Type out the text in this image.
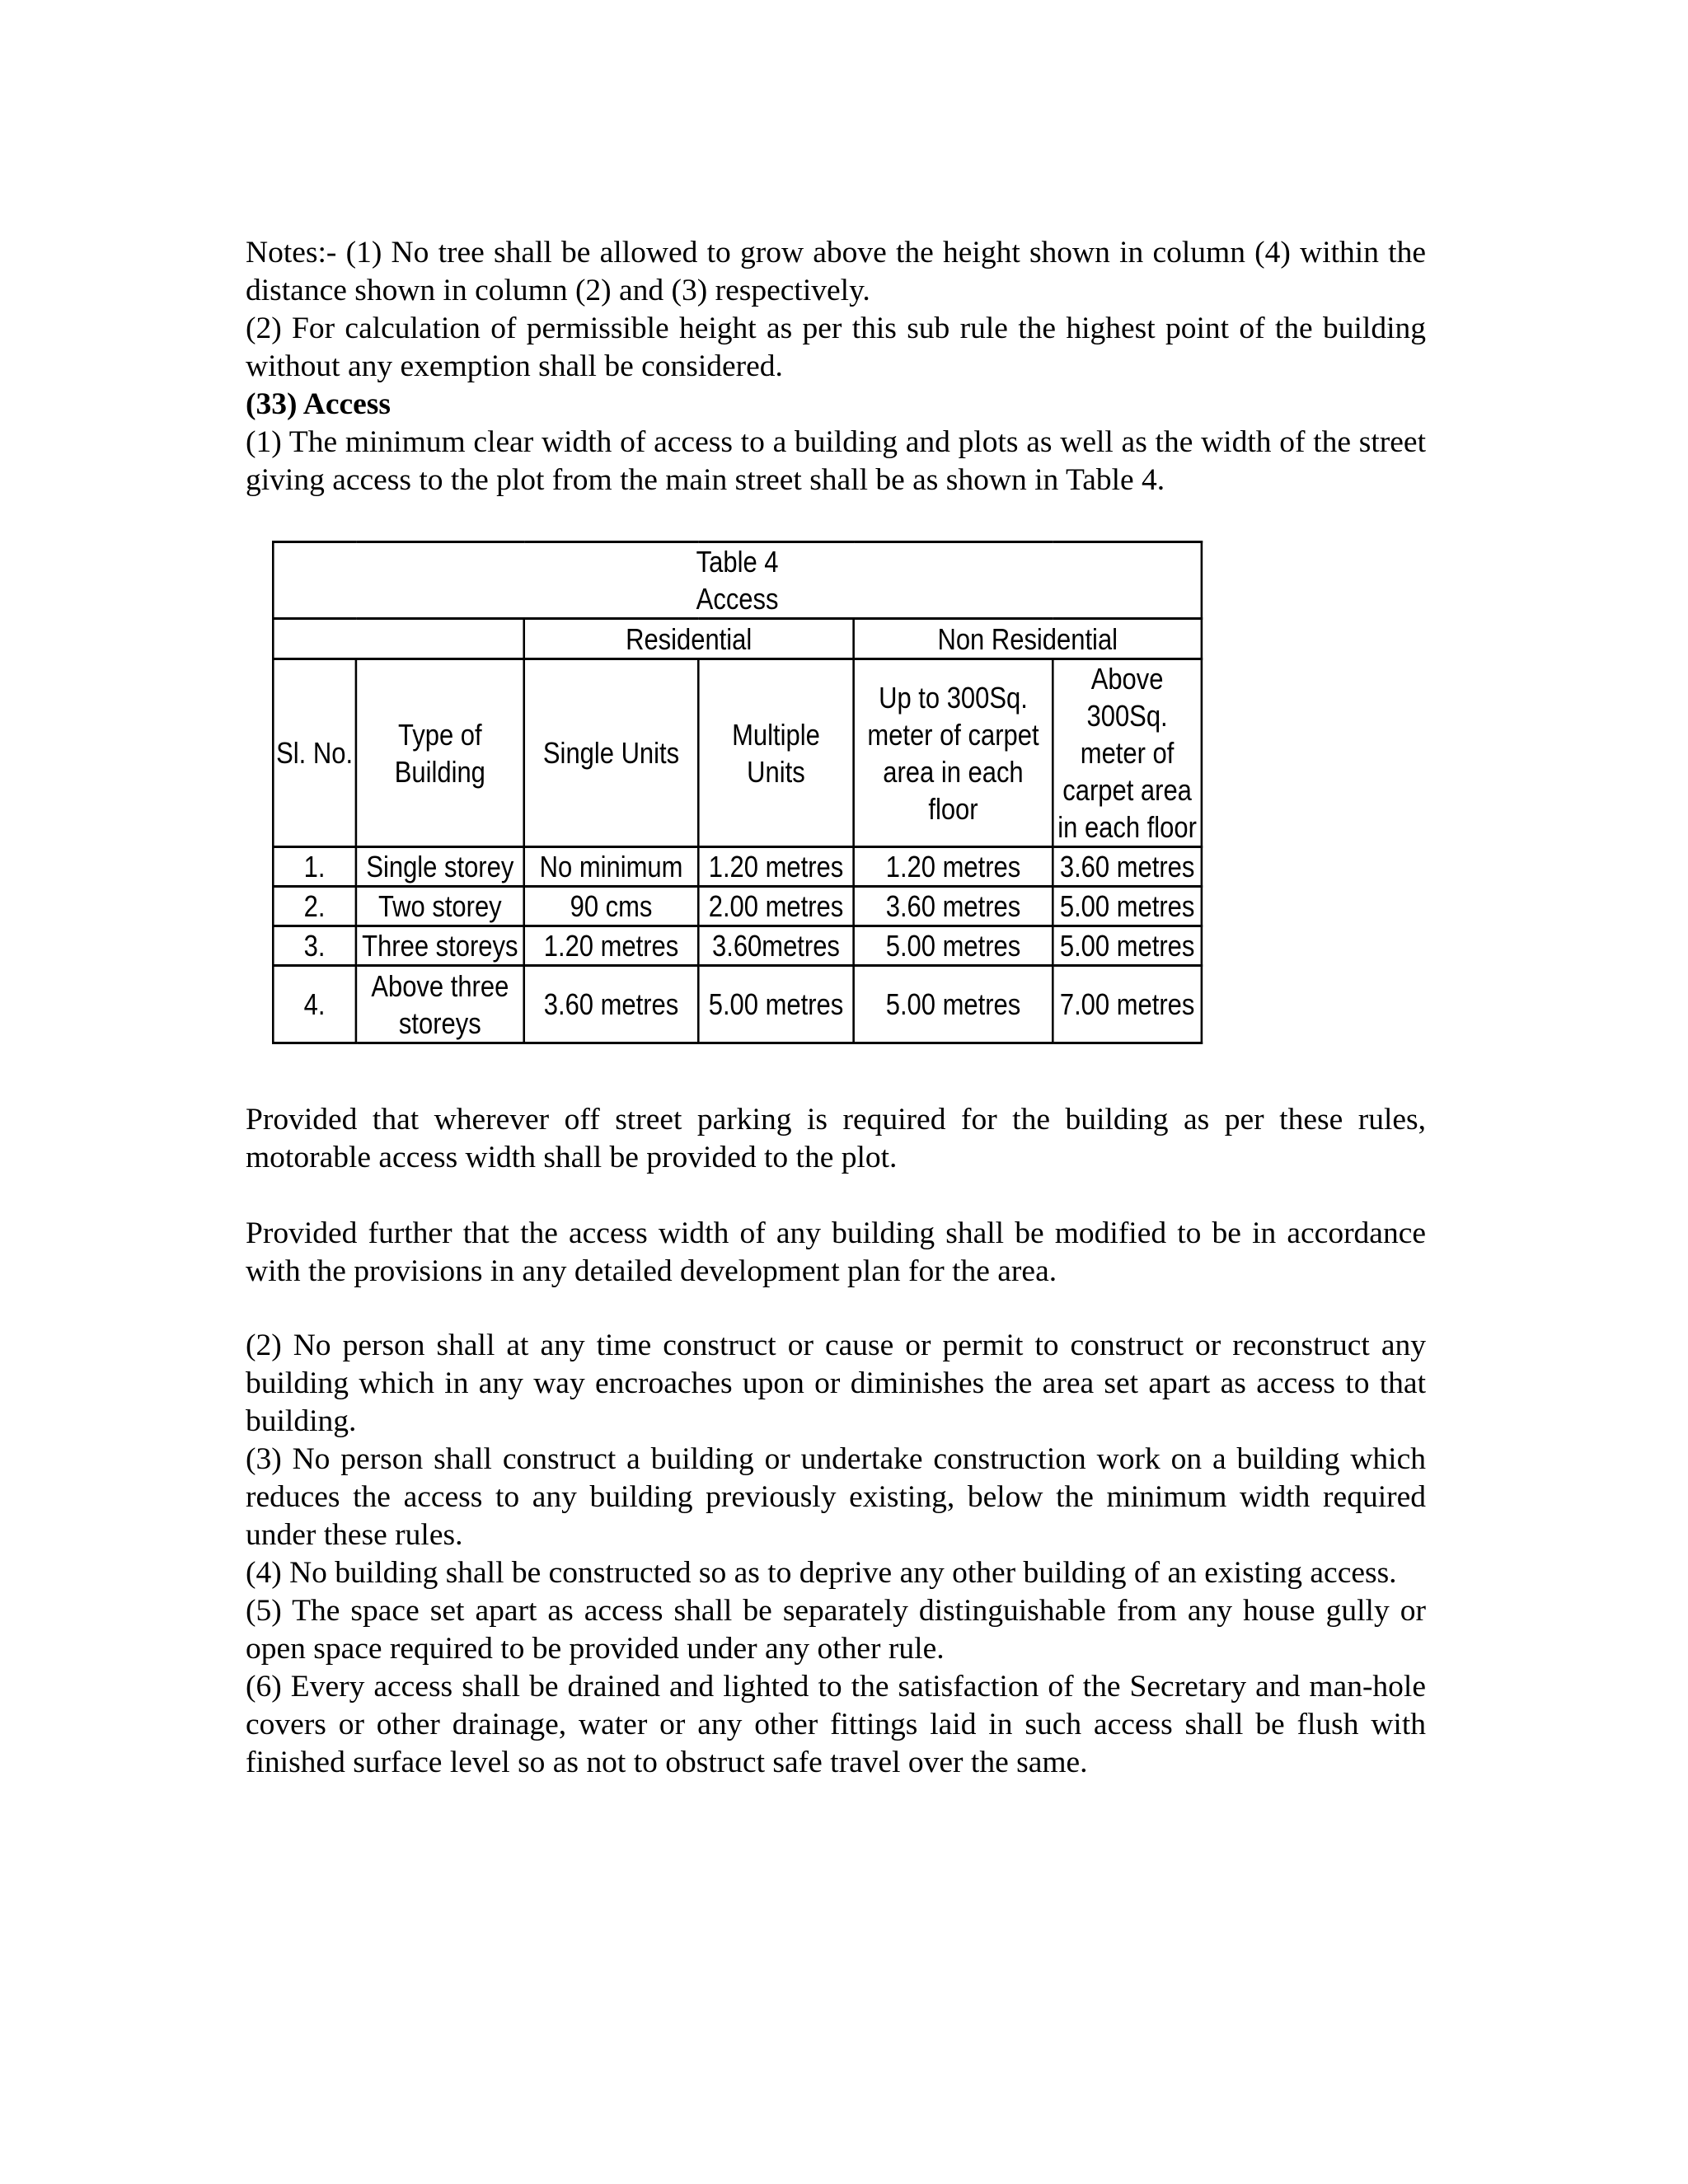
Notes:- (1) No tree shall be allowed to grow above the height shown in column (4) within the distance shown in column (2) and (3) respectively.

(2) For calculation of permissible height as per this sub rule the highest point of the building without any exemption shall be considered.

(33) Access

(1) The minimum clear width of access to a building and plots as well as the width of the street giving access to the plot from the main street shall be as shown in Table 4.

Table 4
Access					

		Residential		Non Residential	
Sl. No.	Type of Building	Single Units	Multiple Units	Up to 300Sq. meter of carpet area in each floor	Above 300Sq. meter of carpet area in each floor
1.	Single storey	No minimum	1.20 metres	1.20 metres	3.60 metres
2.	Two storey	90 cms	2.00 metres	3.60 metres	5.00 metres
3.	Three storeys	1.20 metres	3.60metres	5.00 metres	5.00 metres
4.	Above three storeys	3.60 metres	5.00 metres	5.00 metres	7.00 metres

Provided that wherever off street parking is required for the building as per these rules, motorable access width shall be provided to the plot.

Provided further that the access width of any building shall be modified to be in accordance with the provisions in any detailed development plan for the area.

(2) No person shall at any time construct or cause or permit to construct or reconstruct any building which in any way encroaches upon or diminishes the area set apart as access to that building.

(3) No person shall construct a building or undertake construction work on a building which reduces the access to any building previously existing, below the minimum width required under these rules.

(4) No building shall be constructed so as to deprive any other building of an existing access.

(5) The space set apart as access shall be separately distinguishable from any house gully or open space required to be provided under any other rule.

(6) Every access shall be drained and lighted to the satisfaction of the Secretary and man-hole covers or other drainage, water or any other fittings laid in such access shall be flush with finished surface level so as not to obstruct safe travel over the same.
